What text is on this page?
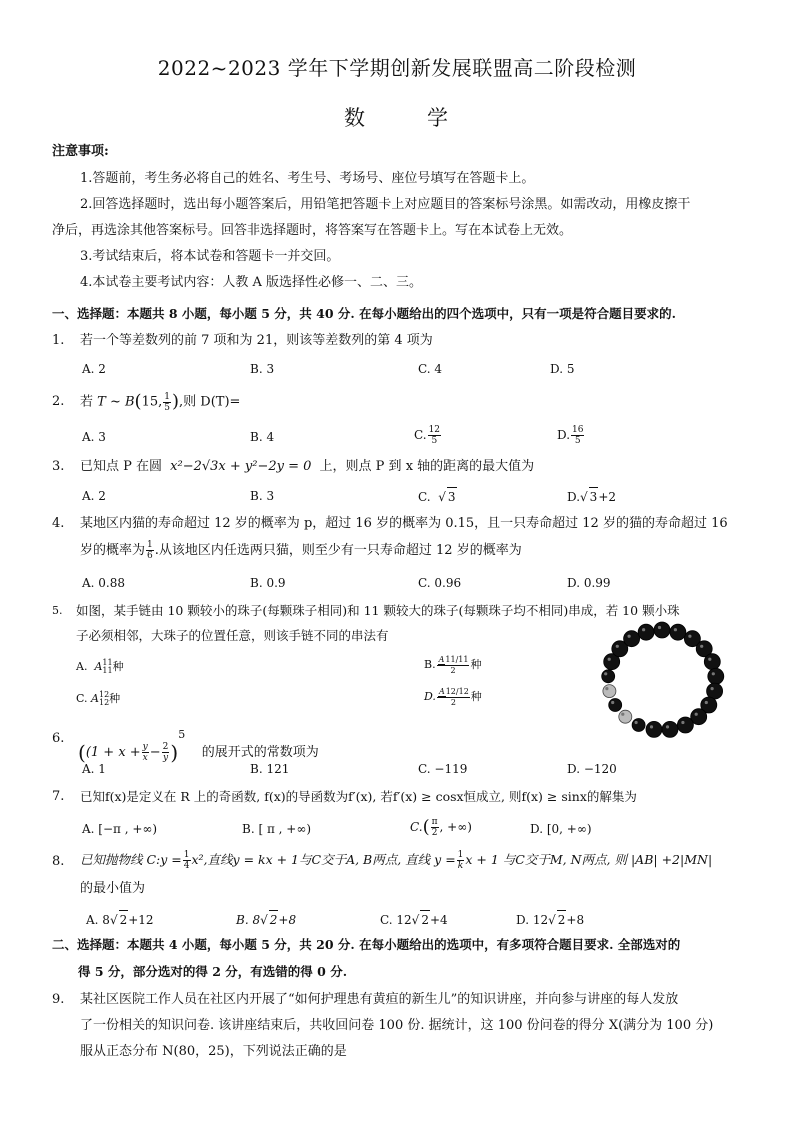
2022~2023 学年下学期创新发展联盟高二阶段检测
数	学
注意事项:
1.答题前，考生务必将自己的姓名、考生号、考场号、座位号填写在答题卡上。
2.回答选择题时，选出每小题答案后，用铅笔把答题卡上对应题目的答案标号涂黑。如需改动，用橡皮擦干
净后，再选涂其他答案标号。回答非选择题时，将答案写在答题卡上。写在本试卷上无效。
3.考试结束后，将本试卷和答题卡一并交回。
4.本试卷主要考试内容：人教 A 版选择性必修一、二、三。
一、选择题：本题共 8 小题，每小题 5 分，共 40 分. 在每小题给出的四个选项中，只有一项是符合题目要求的.
1. 若一个等差数列的前 7 项和为 21，则该等差数列的第 4 项为
A. 2	B. 3	C. 4	D. 5
2. 若 T ~ B(15, $\frac{1}{5}$ ),则 D(T)=
A. 3	B. 4	C. $\frac{12}{5}$	D. $\frac{16}{5}$
3. 已知点 P 在圆 x²−2√3x + y²−2y = 0 上，则点 P 到 x 轴的距离的最大值为
A. 2	B. 3	C.  √ 3	D.√ 3+2
4. 某地区内猫的寿命超过 12 岁的概率为 p，超过 16 岁的概率为 0.15，且一只寿命超过 12 岁的猫的寿命超过 16
岁的概率为 $\frac{1}{6}$ .从该地区内任选两只猫，则至少有一只寿命超过 12 岁的概率为
A. 0.88	B. 0.9	C. 0.96	D. 0.99
5. 如图，某手链由 10 颗较小的珠子(每颗珠子相同)和 11 颗较大的珠子(每颗珠子均不相同)串成，若 10 颗小珠
子必须相邻，大珠子的位置任意，则该手链不同的串法有
A. A 11
11 种	B. $\frac{A11/11}{2}$ 种
C. A 12
12 种	D. $\frac{A12/12}{2}$ 种
6.
($(1 + x + \frac{y}{x} - \frac{2}{y} )^5$    的展开式的常数项为
A. 1	B. 121	C. −119	D. −120
7. 已知f(x)是定义在 R 上的奇函数, f(x)的导函数为f′(x), 若f′(x) ≥ cosx恒成立, 则f(x) ≥ sinx的解集为
A. [−π , +∞)	B. [ π , +∞)	$C.( \frac{\pi}{2}$ , +∞)	D. [0, +∞)
8. 已知抛物线 C:y = $\frac{1}{4} x^2$,直线y = kx + 1与C交于A, B两点, 直线 $y = \frac{1}{k}$ x + 1 与C交于M, N两点, 则 |AB| +2|MN|
的最小值为
A. 8√ 2+12	B. 8√ 2+8	C. 12√ 2+4	D. 12√ 2+8
二、选择题：本题共 4 小题，每小题 5 分，共 20 分. 在每小题给出的选项中，有多项符合题目要求. 全部选对的
得 5 分，部分选对的得 2 分，有选错的得 0 分.
9. 某社区医院工作人员在社区内开展了“如何护理患有黄疸的新生儿”的知识讲座，并向参与讲座的每人发放
了一份相关的知识问卷. 该讲座结束后，共收回问卷 100 份. 据统计，这 100 份问卷的得分 X(满分为 100 分)
服从正态分布 N(80，25)，下列说法正确的是
